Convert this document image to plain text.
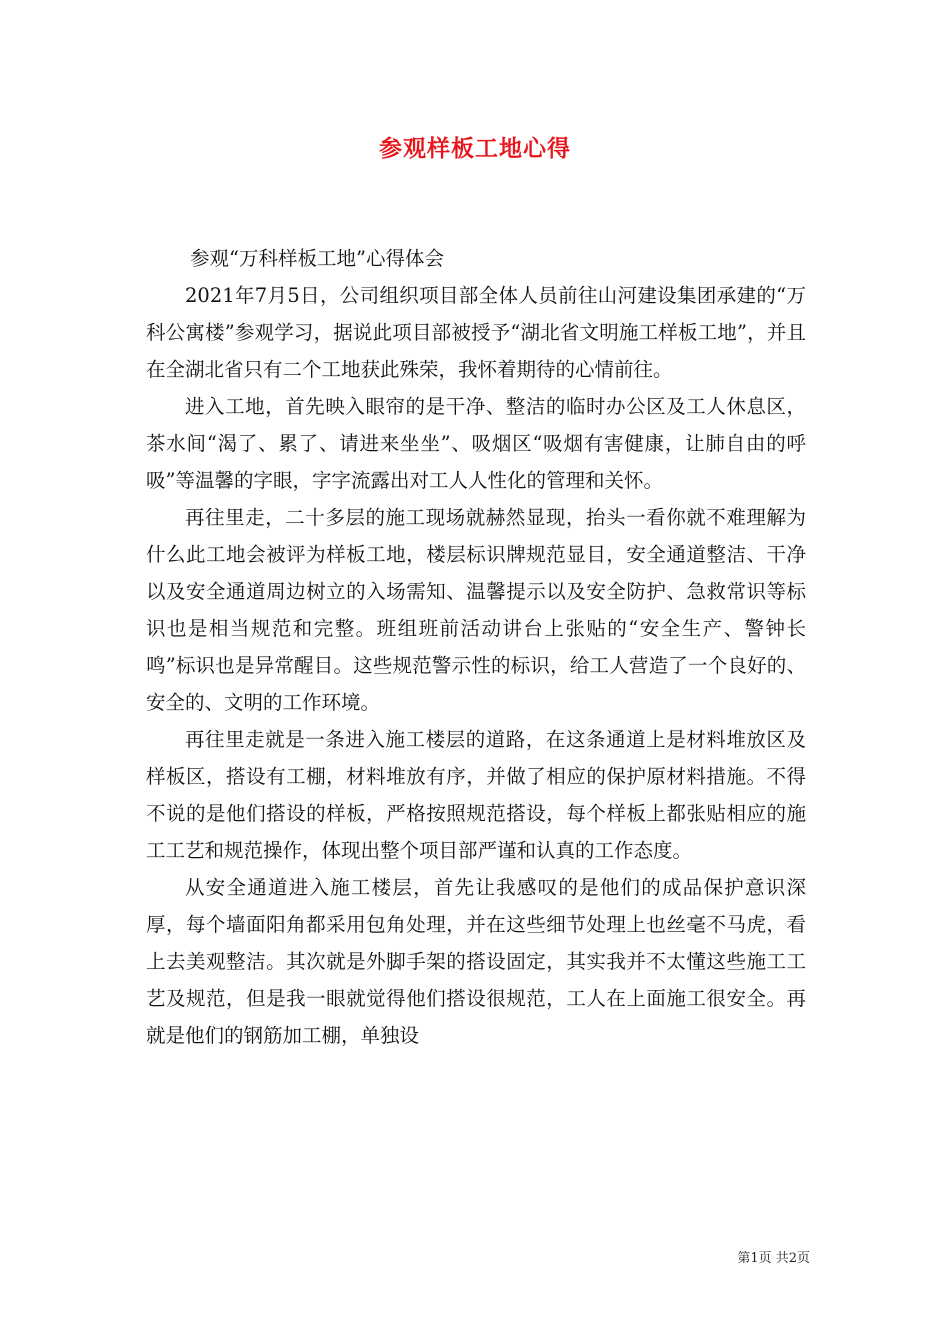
参观样板工地心得

参观“万科样板工地”心得体会

2021年7月5日，公司组织项目部全体人员前往山河建设集团承建的“万科公寓楼”参观学习，据说此项目部被授予“湖北省文明施工样板工地”，并且在全湖北省只有二个工地获此殊荣，我怀着期待的心情前往。

进入工地，首先映入眼帘的是干净、整洁的临时办公区及工人休息区，茶水间“渴了、累了、请进来坐坐”、吸烟区“吸烟有害健康，让肺自由的呼吸”等温馨的字眼，字字流露出对工人人性化的管理和关怀。

再往里走，二十多层的施工现场就赫然显现，抬头一看你就不难理解为什么此工地会被评为样板工地，楼层标识牌规范显目，安全通道整洁、干净以及安全通道周边树立的入场需知、温馨提示以及安全防护、急救常识等标识也是相当规范和完整。班组班前活动讲台上张贴的“安全生产、警钟长鸣”标识也是异常醒目。这些规范警示性的标识，给工人营造了一个良好的、安全的、文明的工作环境。

再往里走就是一条进入施工楼层的道路，在这条通道上是材料堆放区及样板区，搭设有工棚，材料堆放有序，并做了相应的保护原材料措施。不得不说的是他们搭设的样板，严格按照规范搭设，每个样板上都张贴相应的施工工艺和规范操作，体现出整个项目部严谨和认真的工作态度。

从安全通道进入施工楼层，首先让我感叹的是他们的成品保护意识深厚，每个墙面阳角都采用包角处理，并在这些细节处理上也丝毫不马虎，看上去美观整洁。其次就是外脚手架的搭设固定，其实我并不太懂这些施工工艺及规范，但是我一眼就觉得他们搭设很规范，工人在上面施工很安全。再就是他们的钢筋加工棚，单独设

第1页 共2页
